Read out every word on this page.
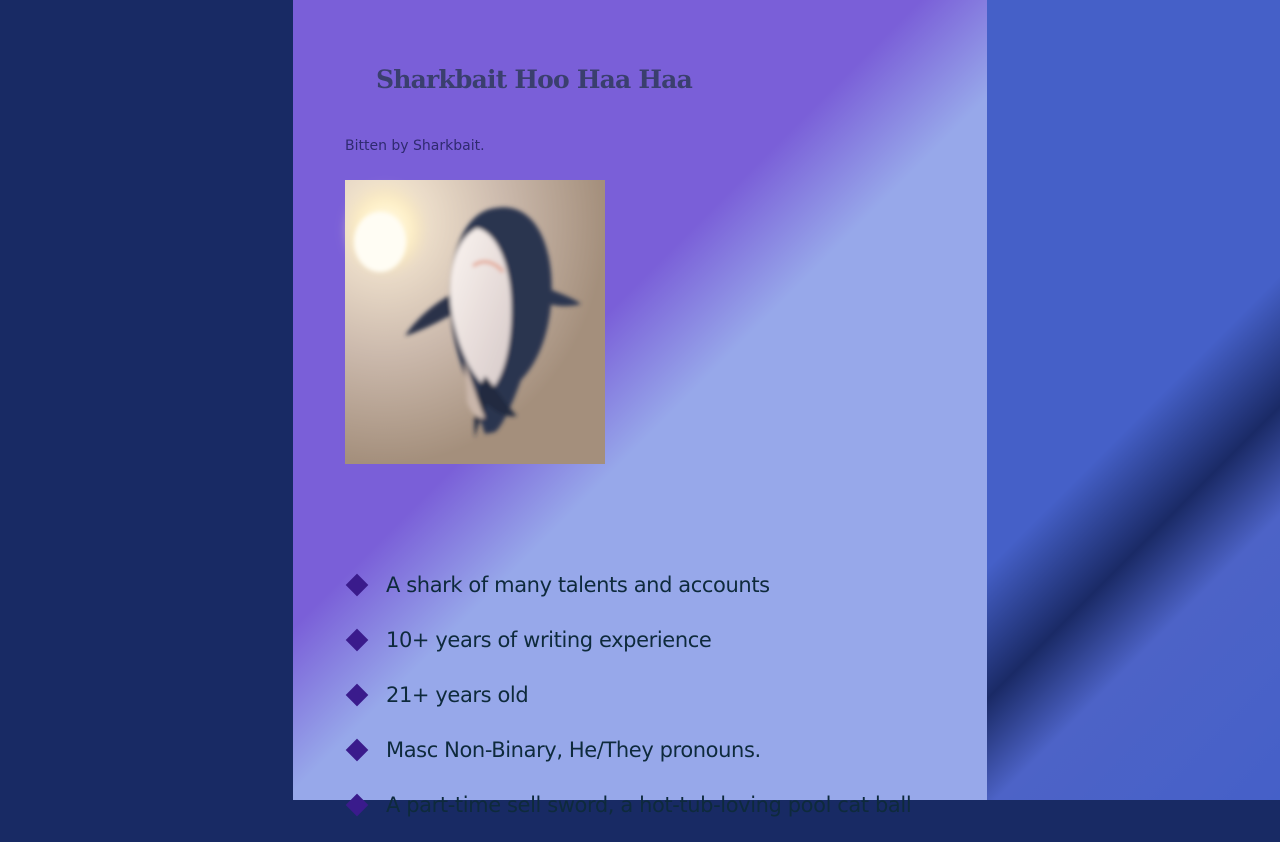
Sharkbait Hoo Haa Haa

Bitten by Sharkbait.

A shark of many talents and accounts
10+ years of writing experience
21+ years old
Masc Non-Binary, He/They pronouns.
A part-time sell sword, a hot-tub-loving pool cat ball
